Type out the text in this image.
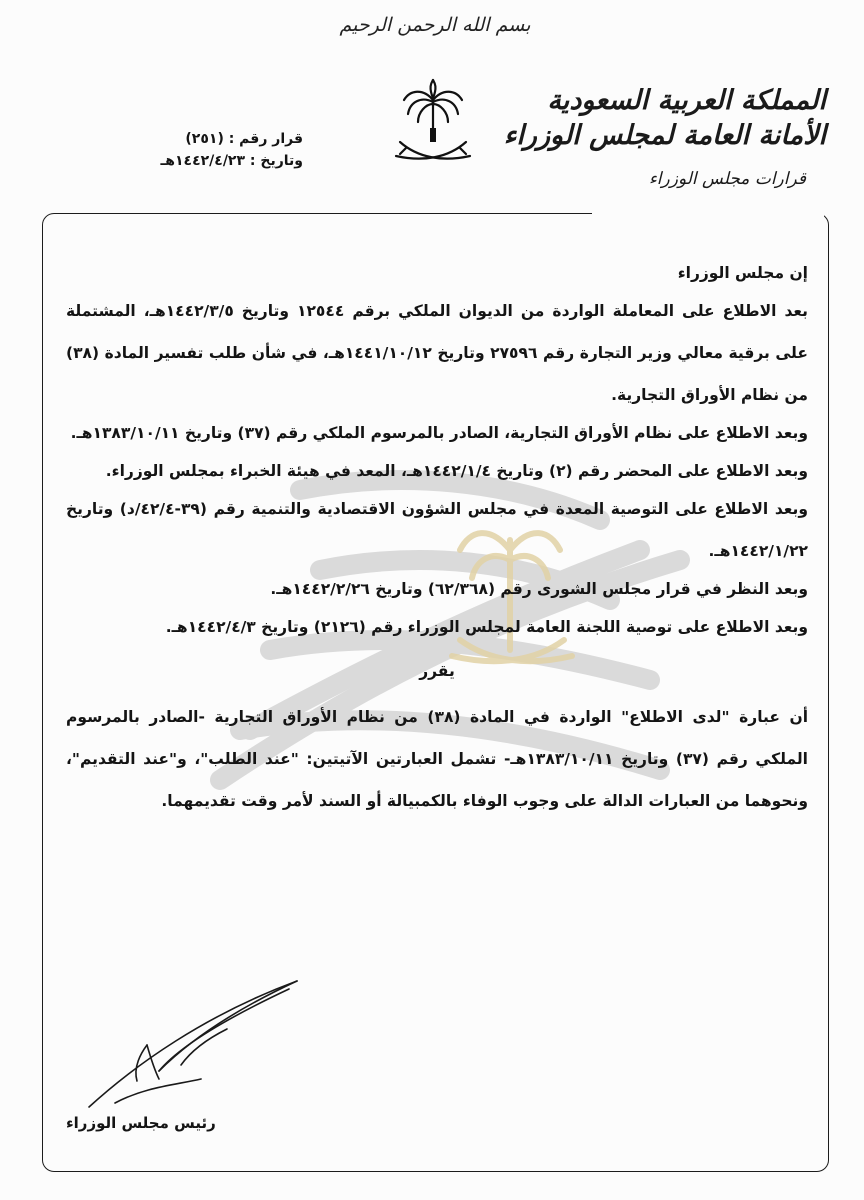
بسم الله الرحمن الرحيم
قرار رقم : (٢٥١)
وتاريخ : ١٤٤٢/٤/٢٣هـ
المملكة العربية السعودية
الأمانة العامة لمجلس الوزراء
قرارات مجلس الوزراء

إن مجلس الوزراء

بعد الاطلاع على المعاملة الواردة من الديوان الملكي برقم ١٢٥٤٤ وتاريخ ١٤٤٢/٣/٥هـ، المشتملة على برقية معالي وزير التجارة رقم ٢٧٥٩٦ وتاريخ ١٤٤١/١٠/١٢هـ، في شأن طلب تفسير المادة (٣٨) من نظام الأوراق التجارية.

وبعد الاطلاع على نظام الأوراق التجارية، الصادر بالمرسوم الملكي رقم (٣٧) وتاريخ ١٣٨٣/١٠/١١هـ.

وبعد الاطلاع على المحضر رقم (٢) وتاريخ ١٤٤٢/١/٤هـ، المعد في هيئة الخبراء بمجلس الوزراء.

وبعد الاطلاع على التوصية المعدة في مجلس الشؤون الاقتصادية والتنمية رقم (٣٩-٤٢/٤/د) وتاريخ ١٤٤٢/١/٢٢هـ.

وبعد النظر في قرار مجلس الشورى رقم (٦٢/٣٦٨) وتاريخ ١٤٤٢/٢/٢٦هـ.

وبعد الاطلاع على توصية اللجنة العامة لمجلس الوزراء رقم (٢١٢٦) وتاريخ ١٤٤٢/٤/٣هـ.

يقرر

أن عبارة "لدى الاطلاع" الواردة في المادة (٣٨) من نظام الأوراق التجارية -الصادر بالمرسوم الملكي رقم (٣٧) وتاريخ ١٣٨٣/١٠/١١هـ- تشمل العبارتين الآتيتين: "عند الطلب"، و"عند التقديم"، ونحوهما من العبارات الدالة على وجوب الوفاء بالكمبيالة أو السند لأمر وقت تقديمهما.

رئيس مجلس الوزراء
